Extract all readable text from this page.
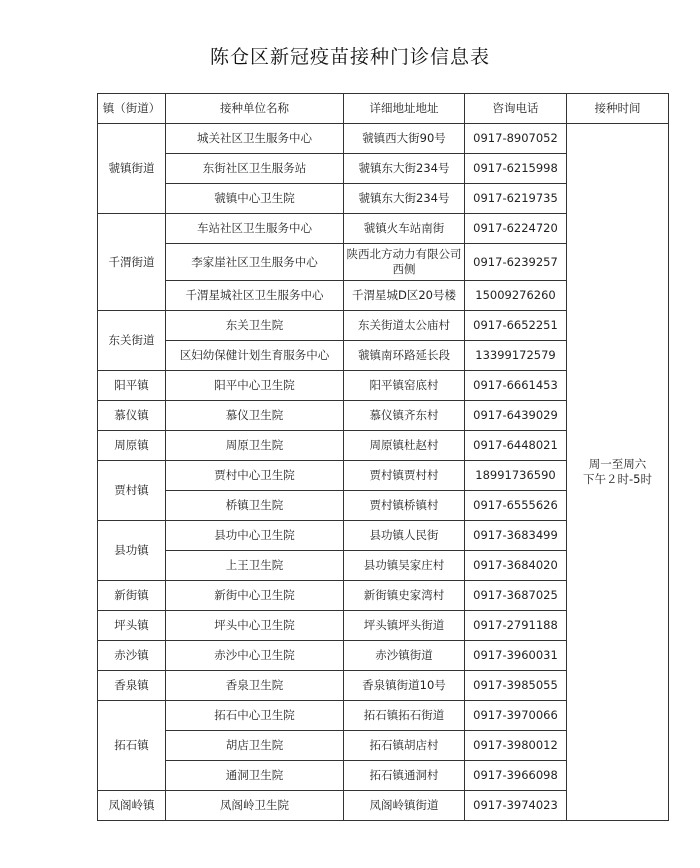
陈仓区新冠疫苗接种门诊信息表
镇（街道）	接种单位名称	详细地址地址	咨询电话	接种时间
虢镇街道	城关社区卫生服务中心	虢镇西大街90号	0917-8907052	周一至周六
下午２时-5时

	东街社区卫生服务站	虢镇东大街234号	0917-6215998	
	虢镇中心卫生院	虢镇东大街234号	0917-6219735	
千渭街道	车站社区卫生服务中心	虢镇火车站南街	0917-6224720	
	李家崖社区卫生服务中心	陕西北方动力有限公司西侧	0917-6239257	
	千渭星城社区卫生服务中心	千渭星城D区20号楼	15009276260	
东关街道	东关卫生院	东关街道太公庙村	0917-6652251	
	区妇幼保健计划生育服务中心	虢镇南环路延长段	13399172579	
阳平镇	阳平中心卫生院	阳平镇窑底村	0917-6661453	
慕仪镇	慕仪卫生院	慕仪镇齐东村	0917-6439029	
周原镇	周原卫生院	周原镇杜赵村	0917-6448021	
贾村镇	贾村中心卫生院	贾村镇贾村村	18991736590	
	桥镇卫生院	贾村镇桥镇村	0917-6555626	
县功镇	县功中心卫生院	县功镇人民街	0917-3683499	
	上王卫生院	县功镇吴家庄村	0917-3684020	
新街镇	新街中心卫生院	新街镇史家湾村	0917-3687025	
坪头镇	坪头中心卫生院	坪头镇坪头街道	0917-2791188	
赤沙镇	赤沙中心卫生院	赤沙镇街道	0917-3960031	
香泉镇	香泉卫生院	香泉镇街道10号	0917-3985055	
拓石镇	拓石中心卫生院	拓石镇拓石街道	0917-3970066	
	胡店卫生院	拓石镇胡店村	0917-3980012	
	通洞卫生院	拓石镇通洞村	0917-3966098	
凤阁岭镇	凤阁岭卫生院	凤阁岭镇街道	0917-3974023	
